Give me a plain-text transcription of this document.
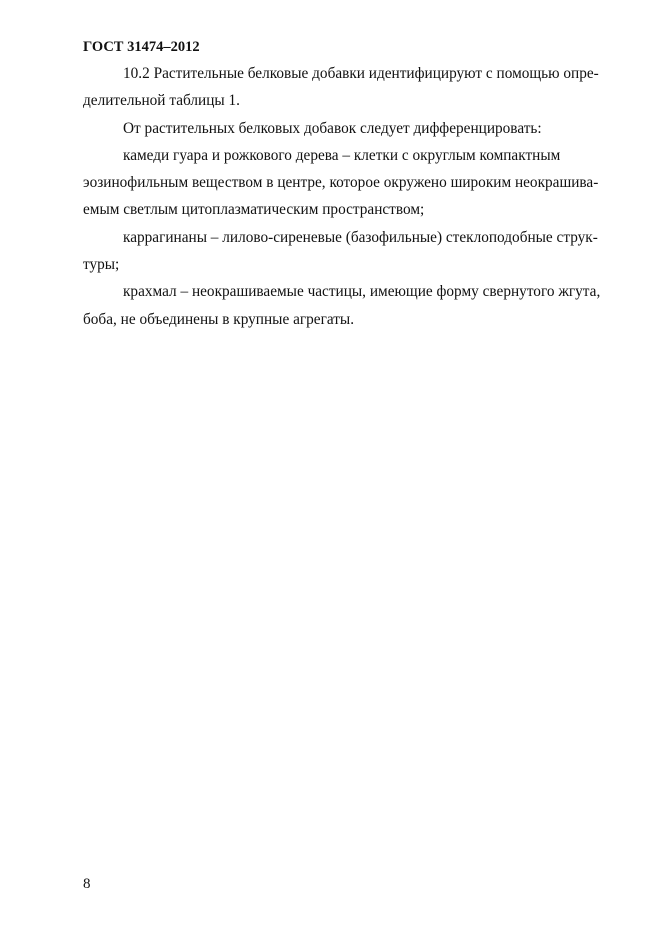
ГОСТ 31474–2012
10.2 Растительные белковые добавки идентифицируют с помощью опре-
делительной таблицы 1.
От растительных белковых добавок следует дифференцировать:
камеди гуара и рожкового дерева – клетки с округлым компактным
эозинофильным веществом в центре, которое окружено широким неокрашива-
емым светлым цитоплазматическим пространством;
каррагинаны – лилово-сиреневые (базофильные) стеклоподобные струк-
туры;
крахмал – неокрашиваемые частицы, имеющие форму свернутого жгута,
боба, не объединены в крупные агрегаты.
8
